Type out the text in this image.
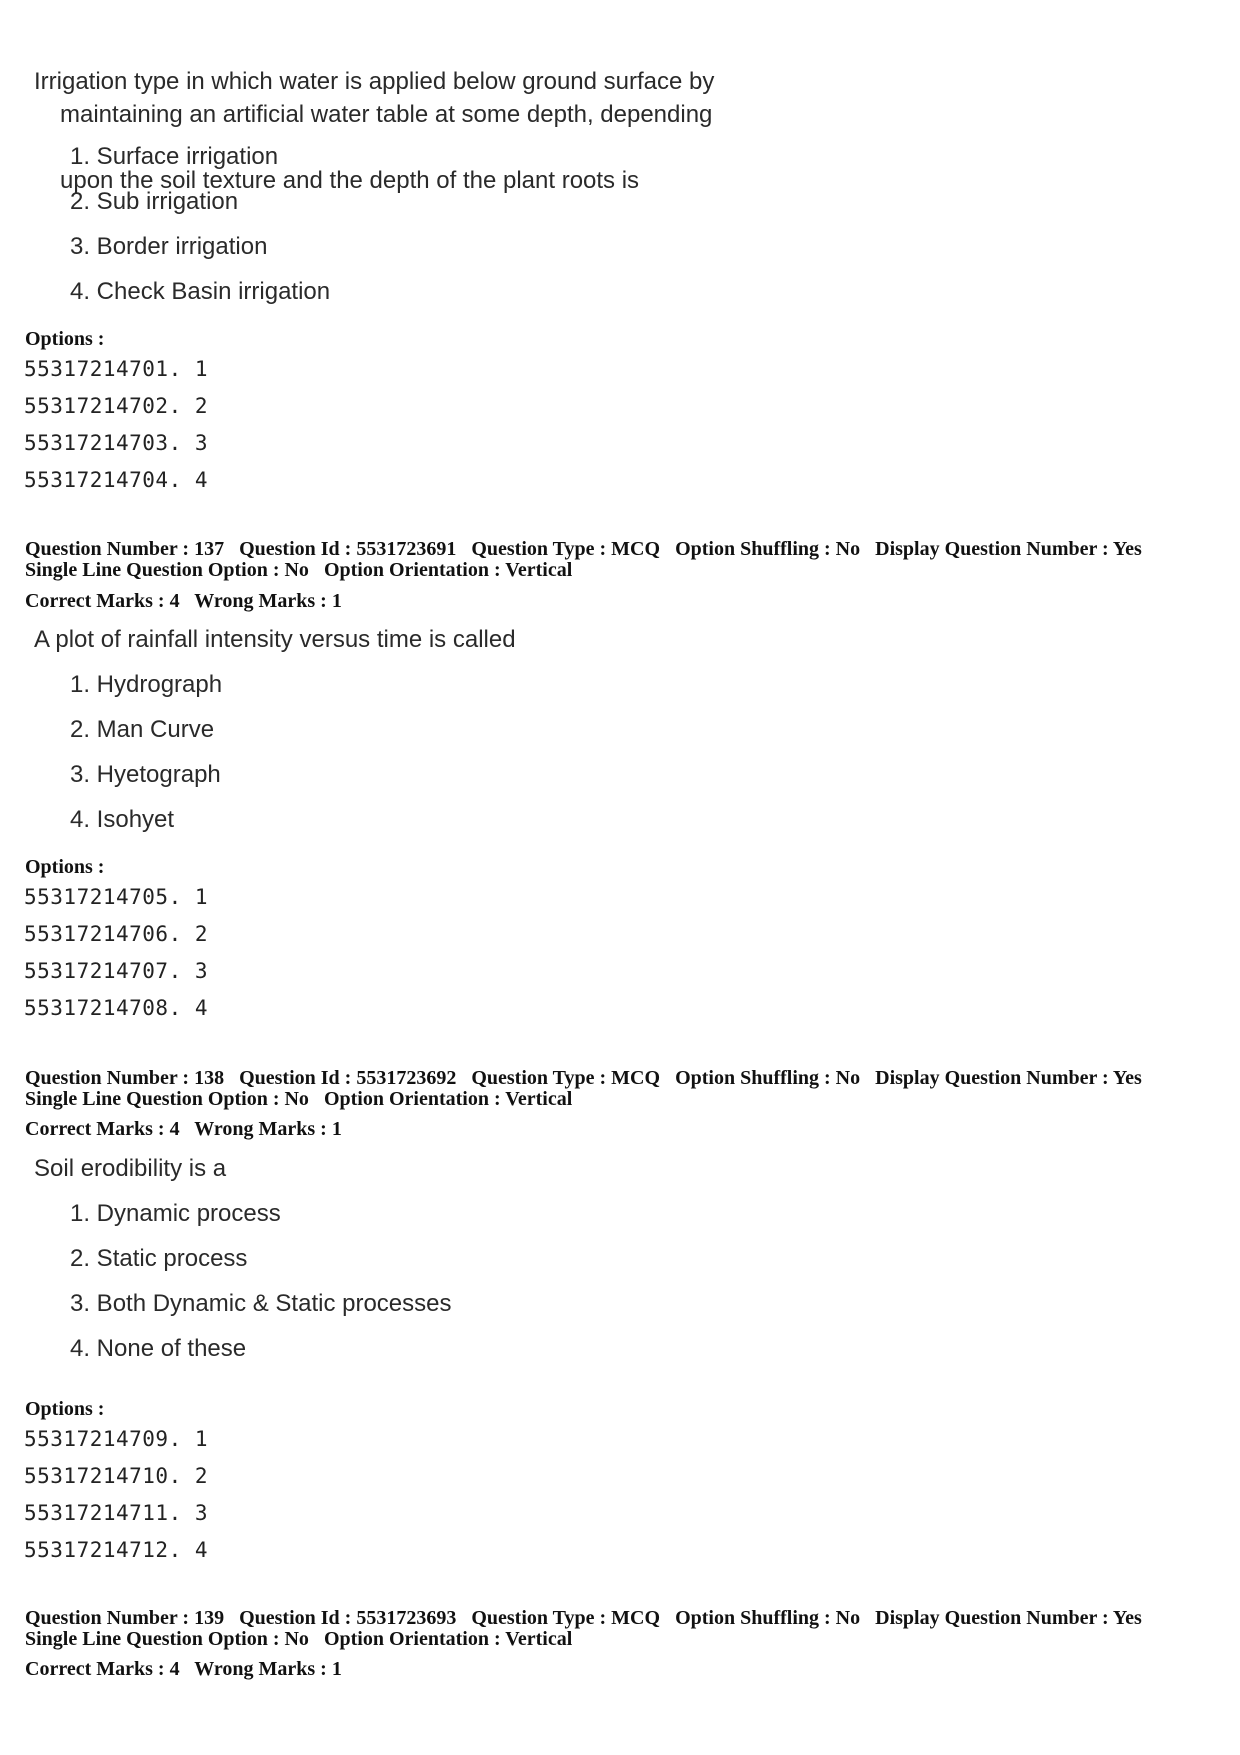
Irrigation type in which water is applied below ground surface by

maintaining an artificial water table at some depth, depending

upon the soil texture and the depth of the plant roots is

1. Surface irrigation
2. Sub irrigation
3. Border irrigation
4. Check Basin irrigation
Options :
55317214701. 1
55317214702. 2
55317214703. 3
55317214704. 4
Question Number : 137 Question Id : 5531723691 Question Type : MCQ Option Shuffling : No Display Question Number : Yes
Single Line Question Option : No Option Orientation : Vertical
Correct Marks : 4 Wrong Marks : 1
A plot of rainfall intensity versus time is called
1. Hydrograph
2. Man Curve
3. Hyetograph
4. Isohyet
Options :
55317214705. 1
55317214706. 2
55317214707. 3
55317214708. 4
Question Number : 138 Question Id : 5531723692 Question Type : MCQ Option Shuffling : No Display Question Number : Yes
Single Line Question Option : No Option Orientation : Vertical
Correct Marks : 4 Wrong Marks : 1
Soil erodibility is a
1. Dynamic process
2. Static process
3. Both Dynamic & Static processes
4. None of these
Options :
55317214709. 1
55317214710. 2
55317214711. 3
55317214712. 4
Question Number : 139 Question Id : 5531723693 Question Type : MCQ Option Shuffling : No Display Question Number : Yes
Single Line Question Option : No Option Orientation : Vertical
Correct Marks : 4 Wrong Marks : 1
